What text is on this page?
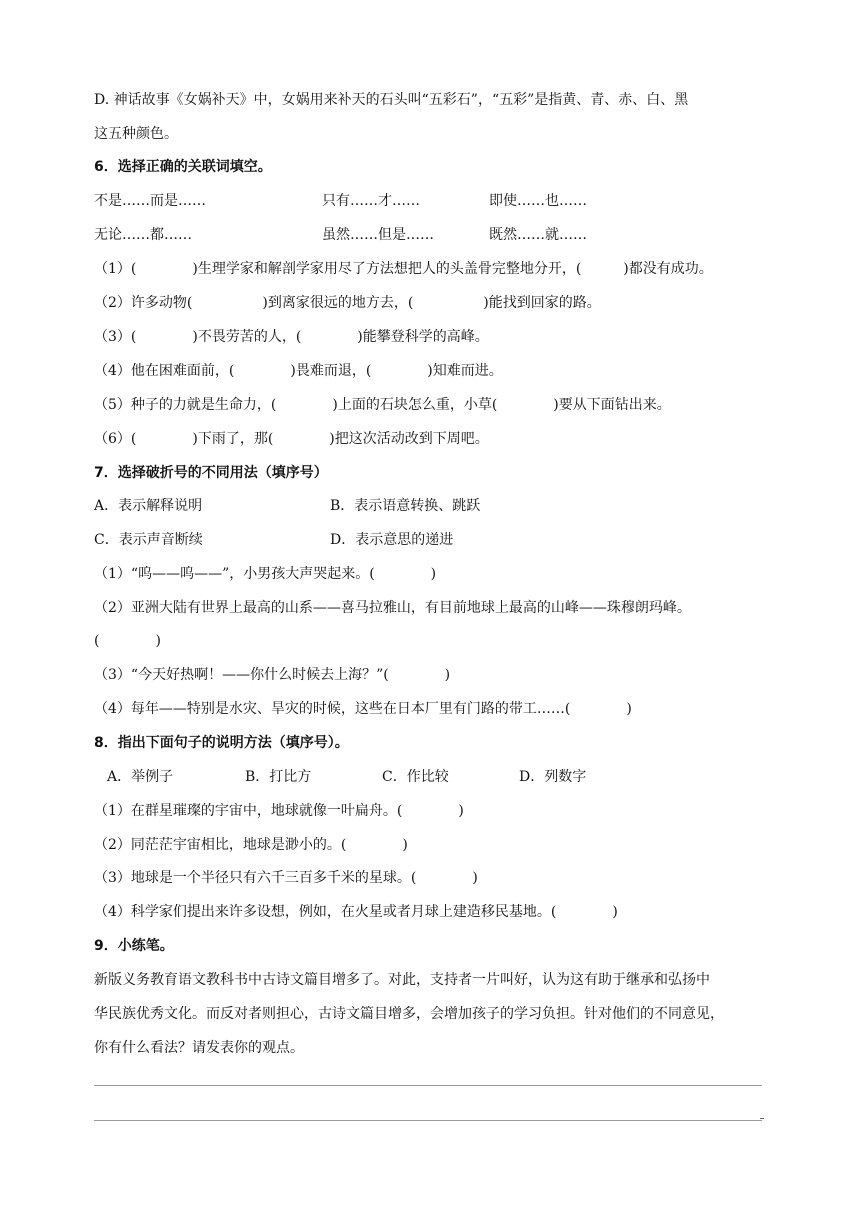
D. 神话故事《女娲补天》中，女娲用来补天的石头叫“五彩石”，“五彩”是指黄、青、赤、白、黑
这五种颜色。
6．选择正确的关联词填空。
不是……而是……	只有……才……	即使……也……
无论……都……	虽然……但是……	既然……就……
（1）(　　　　)生理学家和解剖学家用尽了方法想把人的头盖骨完整地分开，(　　　)都没有成功。
（2）许多动物(　　　　　)到离家很远的地方去，(　　　　　)能找到回家的路。
（3）(　　　　)不畏劳苦的人，(　　　　)能攀登科学的高峰。
（4）他在困难面前，(　　　　)畏难而退，(　　　　)知难而进。
（5）种子的力就是生命力，(　　　　)上面的石块怎么重，小草(　　　　)要从下面钻出来。
（6）(　　　　)下雨了，那(　　　　)把这次活动改到下周吧。
7．选择破折号的不同用法（填序号）
A．表示解释说明	B．表示语意转换、跳跃
C．表示声音断续	D．表示意思的递进
（1）“呜——呜——”，小男孩大声哭起来。(　　　　)
（2）亚洲大陆有世界上最高的山系——喜马拉雅山，有目前地球上最高的山峰——珠穆朗玛峰。
(　　　　)
（3）“今天好热啊！——你什么时候去上海？”(　　　　)
（4）每年——特别是水灾、旱灾的时候，这些在日本厂里有门路的带工……(　　　　)
8．指出下面句子的说明方法（填序号）。
A．举例子	B．打比方	C．作比较	D．列数字
（1）在群星璀璨的宇宙中，地球就像一叶扁舟。(　　　　)
（2）同茫茫宇宙相比，地球是渺小的。(　　　　)
（3）地球是一个半径只有六千三百多千米的星球。(　　　　)
（4）科学家们提出来许多设想，例如，在火星或者月球上建造移民基地。(　　　　)
9．小练笔。
新版义务教育语文教科书中古诗文篇目增多了。对此，支持者一片叫好，认为这有助于继承和弘扬中
华民族优秀文化。而反对者则担心，古诗文篇目增多，会增加孩子的学习负担。针对他们的不同意见，
你有什么看法？请发表你的观点。
